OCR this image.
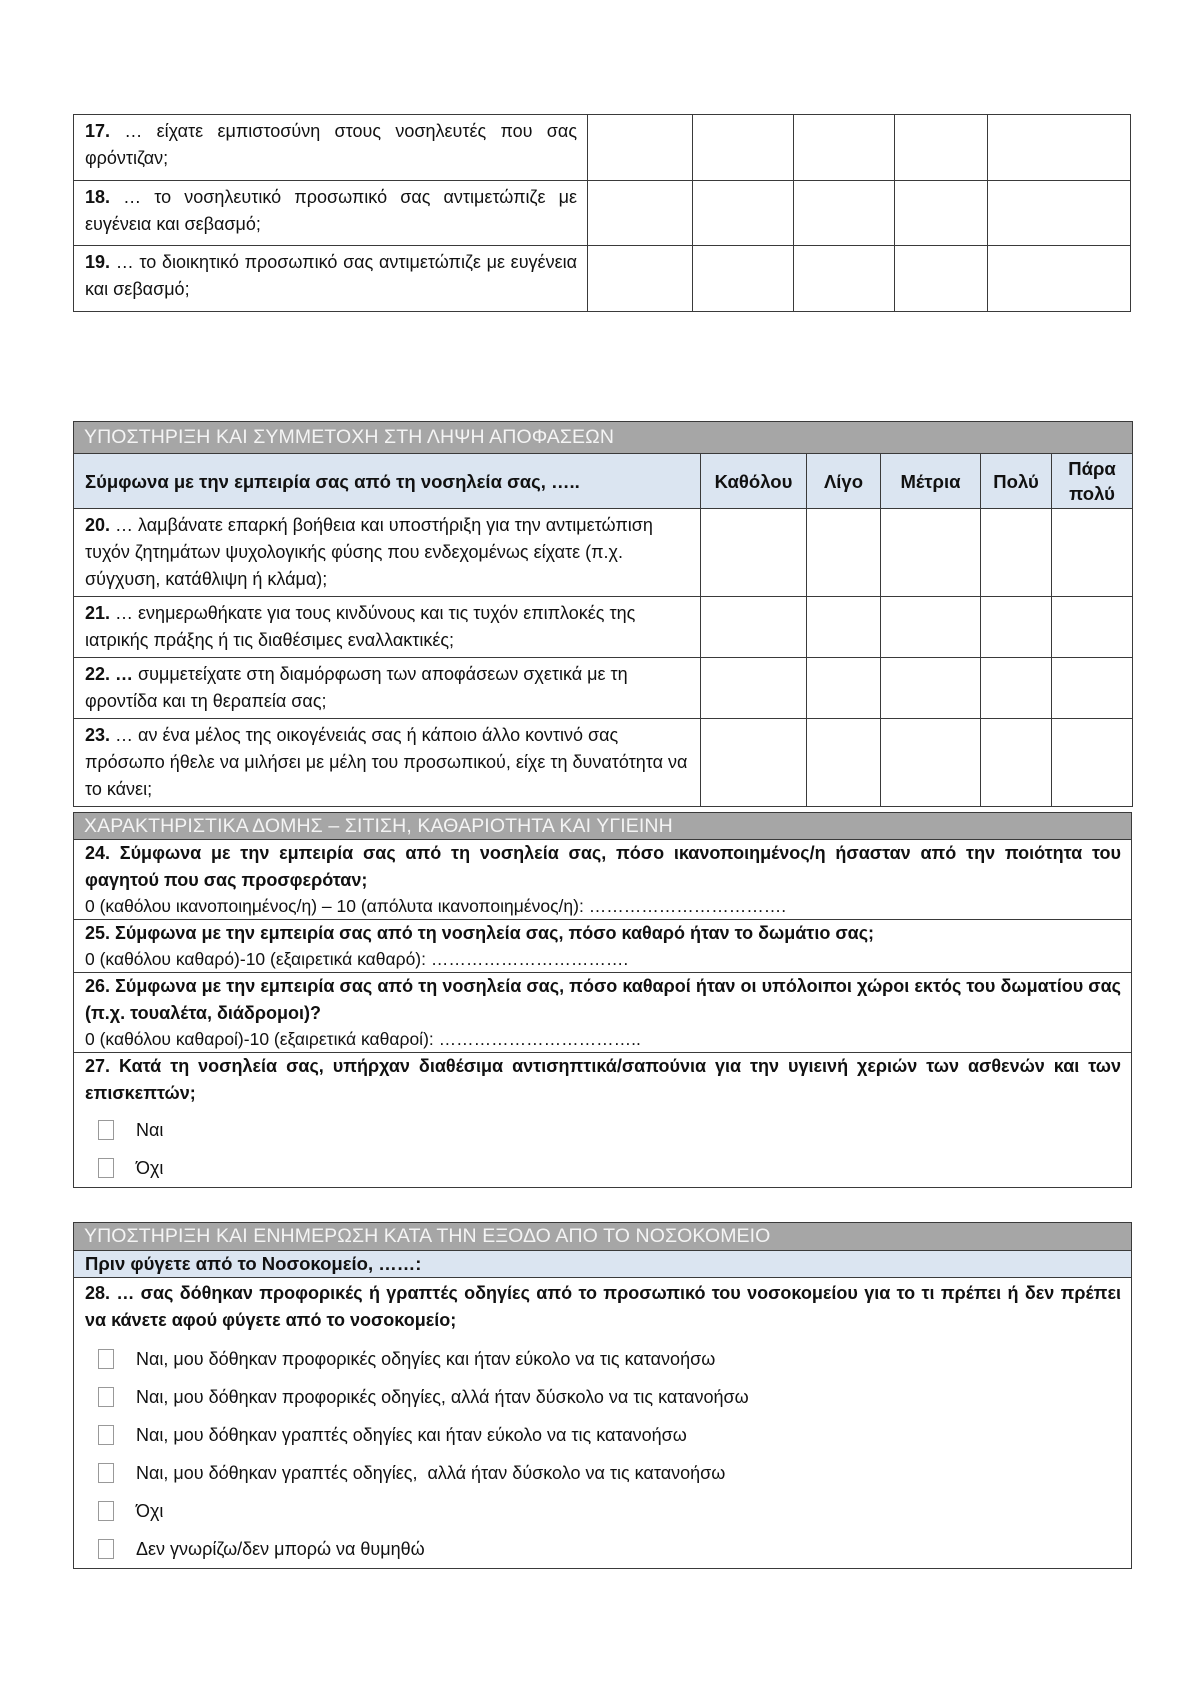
17. … είχατε εμπιστοσύνη στους νοσηλευτές που σας φρόντιζαν;					
18. … το νοσηλευτικό προσωπικό σας αντιμετώπιζε με ευγένεια και σεβασμό;					
19. … το διοικητικό προσωπικό σας αντιμετώπιζε με ευγένεια και σεβασμό;					
ΥΠΟΣΤΗΡΙΞΗ ΚΑΙ ΣΥΜΜΕΤΟΧΗ ΣΤΗ ΛΗΨΗ ΑΠΟΦΑΣΕΩΝ					
Σύμφωνα με την εμπειρία σας από τη νοσηλεία σας, …..	Καθόλου	Λίγο	Μέτρια	Πολύ	Πάρα πολύ
20. … λαμβάνατε επαρκή βοήθεια και υποστήριξη για την αντιμετώπιση τυχόν ζητημάτων ψυχολογικής φύσης που ενδεχομένως είχατε (π.χ. σύγχυση, κατάθλιψη ή κλάμα);					
21. … ενημερωθήκατε για τους κινδύνους και τις τυχόν επιπλοκές της ιατρικής πράξης ή τις διαθέσιμες εναλλακτικές;					
22. … συμμετείχατε στη διαμόρφωση των αποφάσεων σχετικά με τη φροντίδα και τη θεραπεία σας;					
23. … αν ένα μέλος της οικογένειάς σας ή κάποιο άλλο κοντινό σας πρόσωπο ήθελε να μιλήσει με μέλη του προσωπικού, είχε τη δυνατότητα να το κάνει;					
ΧΑΡΑΚΤΗΡΙΣΤΙΚΑ ΔΟΜΗΣ – ΣΙΤΙΣΗ, ΚΑΘΑΡΙΟΤΗΤΑ ΚΑΙ ΥΓΙΕΙΝΗ

24. Σύμφωνα με την εμπειρία σας από τη νοσηλεία σας, πόσο ικανοποιημένος/η ήσασταν από την ποιότητα του φαγητού που σας προσφερόταν;
0 (καθόλου ικανοποιημένος/η) – 10 (απόλυτα ικανοποιημένος/η): …………………………….

25. Σύμφωνα με την εμπειρία σας από τη νοσηλεία σας, πόσο καθαρό ήταν το δωμάτιο σας;
0 (καθόλου καθαρό)-10 (εξαιρετικά καθαρό): …………………………….

26. Σύμφωνα με την εμπειρία σας από τη νοσηλεία σας, πόσο καθαροί ήταν οι υπόλοιποι χώροι εκτός του δωματίου σας (π.χ. τουαλέτα, διάδρομοι)?
0 (καθόλου καθαροί)-10 (εξαιρετικά καθαροί): ……………………………..

27. Κατά τη νοσηλεία σας, υπήρχαν διαθέσιμα αντισηπτικά/σαπούνια για την υγιεινή χεριών των ασθενών και των επισκεπτών;
Ναι
Όχι
ΥΠΟΣΤΗΡΙΞΗ ΚΑΙ ΕΝΗΜΕΡΩΣΗ ΚΑΤΑ ΤΗΝ ΕΞΟΔΟ ΑΠΟ ΤΟ ΝΟΣΟΚΟΜΕΙΟ
Πριν φύγετε από το Νοσοκομείο, ……:

28. … σας δόθηκαν προφορικές ή γραπτές οδηγίες από το προσωπικό του νοσοκομείου για το τι πρέπει ή δεν πρέπει να κάνετε αφού φύγετε από το νοσοκομείο;
Ναι, μου δόθηκαν προφορικές οδηγίες και ήταν εύκολο να τις κατανοήσω
Ναι, μου δόθηκαν προφορικές οδηγίες, αλλά ήταν δύσκολο να τις κατανοήσω
Ναι, μου δόθηκαν γραπτές οδηγίες και ήταν εύκολο να τις κατανοήσω
Ναι, μου δόθηκαν γραπτές οδηγίες,  αλλά ήταν δύσκολο να τις κατανοήσω
Όχι
Δεν γνωρίζω/δεν μπορώ να θυμηθώ
